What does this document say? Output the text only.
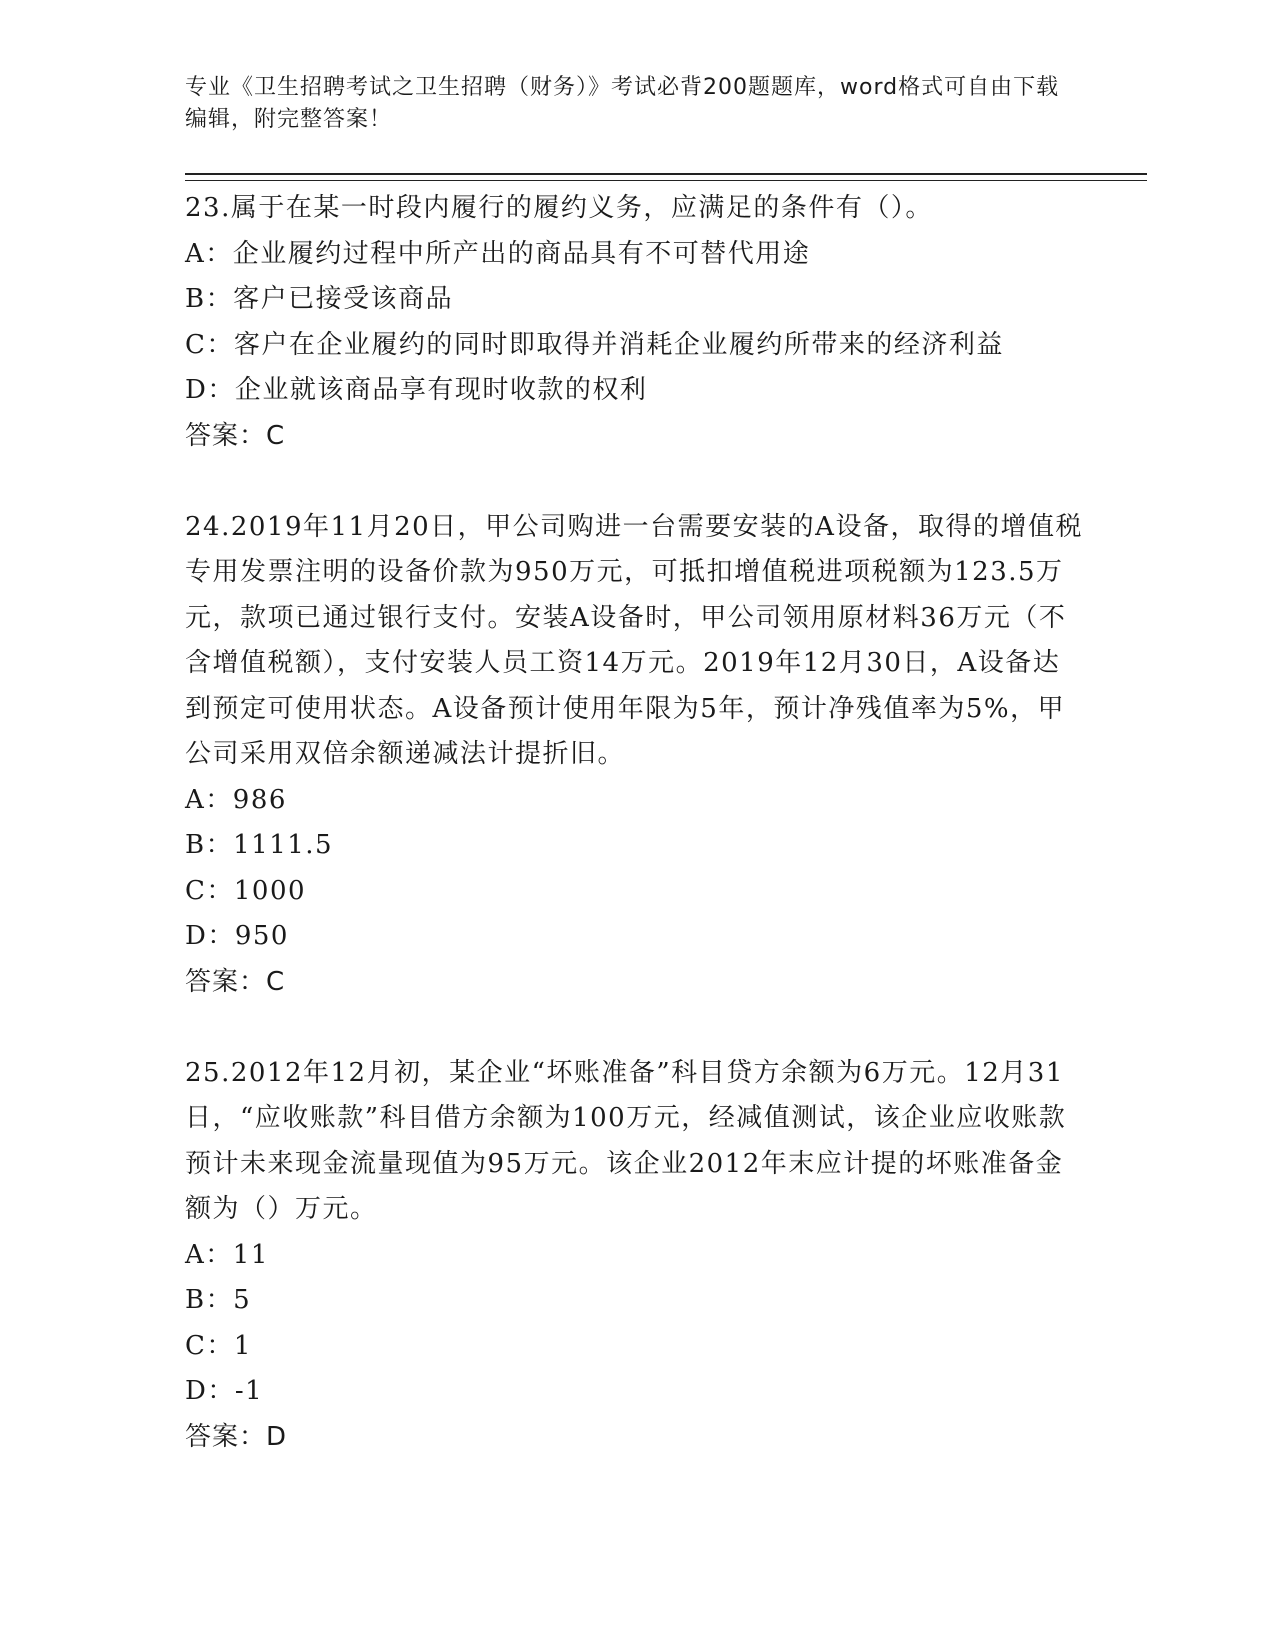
专业《卫生招聘考试之卫生招聘（财务）》考试必背200题题库，word格式可自由下载编辑，附完整答案！

23.属于在某一时段内履行的履约义务，应满足的条件有（）。

A：企业履约过程中所产出的商品具有不可替代用途
B：客户已接受该商品
C：客户在企业履约的同时即取得并消耗企业履约所带来的经济利益
D：企业就该商品享有现时收款的权利
答案：C

24.2019年11月20日，甲公司购进一台需要安装的A设备，取得的增值税专用发票注明的设备价款为950万元，可抵扣增值税进项税额为123.5万元，款项已通过银行支付。安装A设备时，甲公司领用原材料36万元（不含增值税额），支付安装人员工资14万元。2019年12月30日，A设备达到预定可使用状态。A设备预计使用年限为5年，预计净残值率为5%，甲公司采用双倍余额递减法计提折旧。

A：986
B：1111.5
C：1000
D：950
答案：C

25.2012年12月初，某企业“坏账准备”科目贷方余额为6万元。12月31日，“应收账款”科目借方余额为100万元，经减值测试，该企业应收账款预计未来现金流量现值为95万元。该企业2012年末应计提的坏账准备金额为（）万元。

A：11
B：5
C：1
D：-1
答案：D
